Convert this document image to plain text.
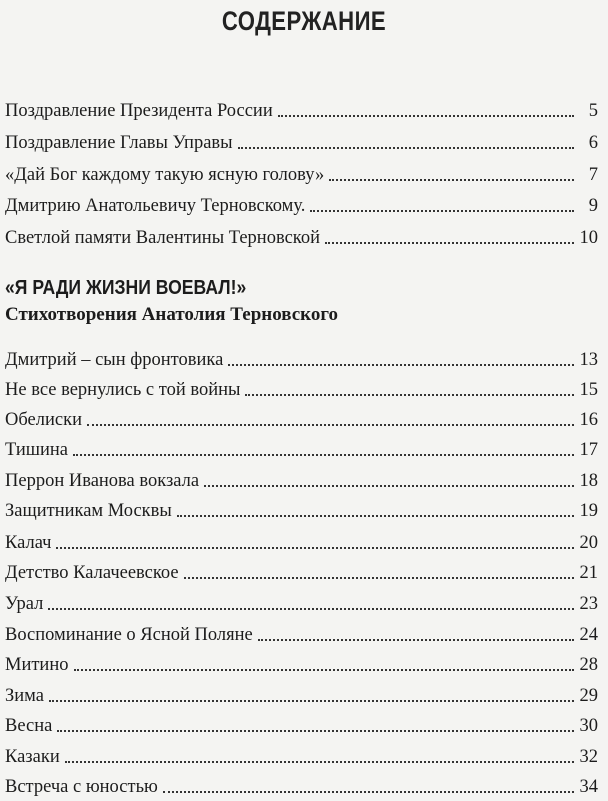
СОДЕРЖАНИЕ
Поздравление Президента России	5
Поздравление Главы Управы	6
«Дай Бог каждому такую ясную голову»	7
Дмитрию Анатольевичу Терновскому.	9
Светлой памяти Валентины Терновской	10
«Я РАДИ ЖИЗНИ ВОЕВАЛ!»
Стихотворения Анатолия Терновского
Дмитрий – сын фронтовика	13
Не все вернулись с той войны	15
Обелиски	16
Тишина	17
Перрон Иванова вокзала	18
Защитникам Москвы	19
Калач	20
Детство Калачеевское	21
Урал	23
Воспоминание о Ясной Поляне	24
Митино	28
Зима	29
Весна	30
Казаки	32
Встреча с юностью	34
